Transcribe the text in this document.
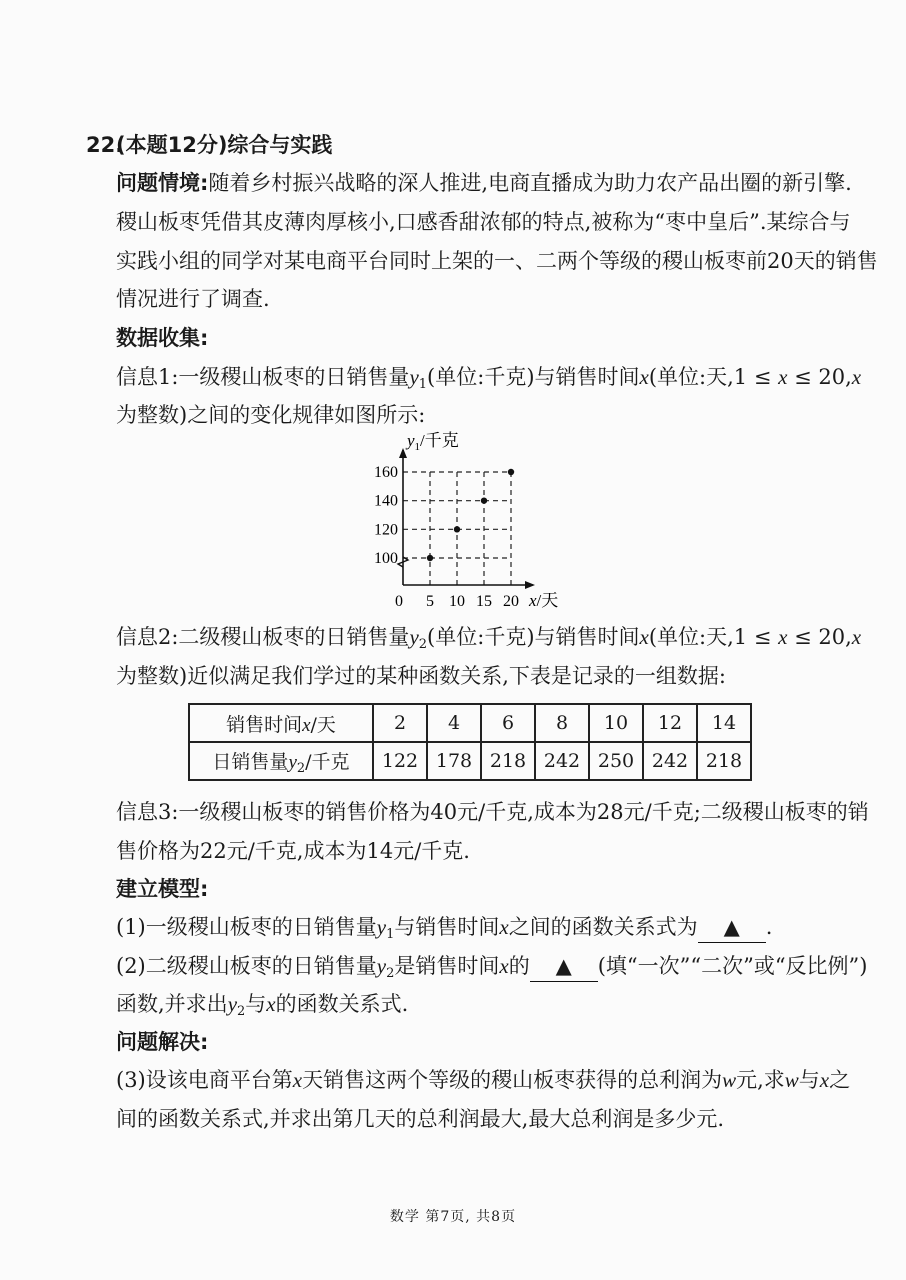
22.
(本题12分)综合与实践
问题情境:随着乡村振兴战略的深人推进,电商直播成为助力农产品出圈的新引擎.
稷山板枣凭借其皮薄肉厚核小,口感香甜浓郁的特点,被称为“枣中皇后”.某综合与
实践小组的同学对某电商平台同时上架的一、二两个等级的稷山板枣前20天的销售
情况进行了调查.
数据收集:
信息1:一级稷山板枣的日销售量$y_1$(单位:千克)与销售时间x(单位:天,1 ≤ x ≤ 20,x
为整数)之间的变化规律如图所示:
0 5 10 15 20
100
120
140
160
$y_1/$千克
x/天
信息2:二级稷山板枣的日销售量$y_2$(单位:千克)与销售时间x(单位:天,1 ≤ x ≤ 20,x
为整数)近似满足我们学过的某种函数关系,下表是记录的一组数据:
销售时间x/天	2	4	6	8	10	12	14
日销售量$y_2/$千克	122	178	218	242	250	242	218
信息3:一级稷山板枣的销售价格为40元/千克,成本为28元/千克;二级稷山板枣的销
售价格为22元/千克,成本为14元/千克.
建立模型:
(1)一级稷山板枣的日销售量$y_1$与销售时间x之间的函数关系式为 ▲ .
(2)二级稷山板枣的日销售量$y_2$是销售时间x的 ▲ (填“一次”“二次”或“反比例”)
函数,并求出$y_2$与x的函数关系式.
问题解决:
(3)设该电商平台第x天销售这两个等级的稷山板枣获得的总利润为w元,求w与x之
间的函数关系式,并求出第几天的总利润最大,最大总利润是多少元.
数学 第7页, 共8页
